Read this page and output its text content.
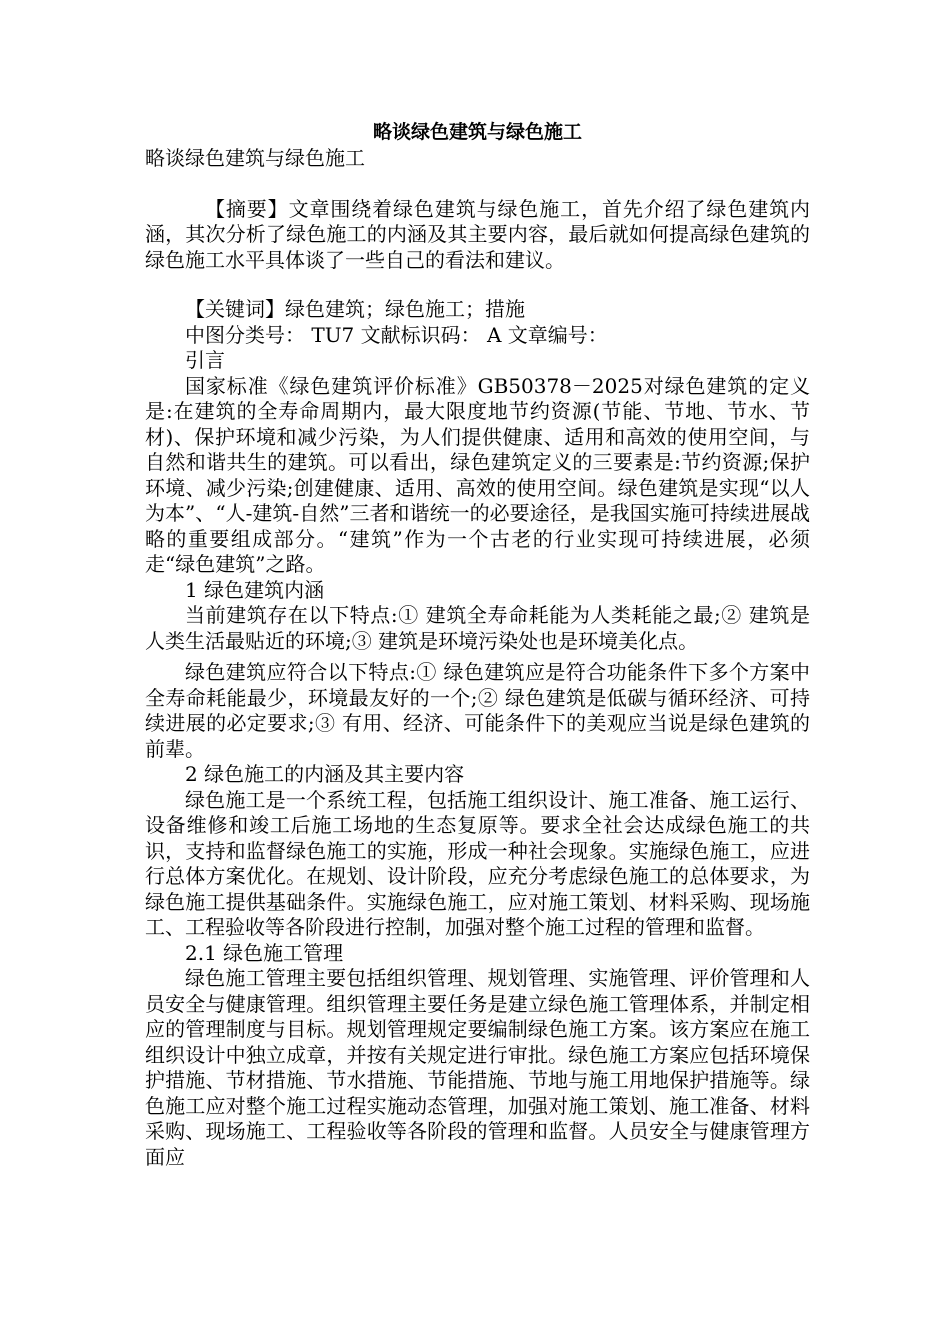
略谈绿色建筑与绿色施工

略谈绿色建筑与绿色施工

【摘要】文章围绕着绿色建筑与绿色施工，首先介绍了绿色建筑内涵，其次分析了绿色施工的内涵及其主要内容，最后就如何提高绿色建筑的绿色施工水平具体谈了一些自己的看法和建议。

【关键词】绿色建筑；绿色施工；措施

中图分类号： TU7 文献标识码： A 文章编号：

引言

国家标准《绿色建筑评价标准》GB50378－2025对绿色建筑的定义是:在建筑的全寿命周期内，最大限度地节约资源(节能、节地、节水、节材)、保护环境和减少污染，为人们提供健康、适用和高效的使用空间，与自然和谐共生的建筑。可以看出，绿色建筑定义的三要素是:节约资源;保护环境、减少污染;创建健康、适用、高效的使用空间。绿色建筑是实现“以人为本”、“人-建筑-自然”三者和谐统一的必要途径，是我国实施可持续进展战略的重要组成部分。“建筑”作为一个古老的行业实现可持续进展，必须走“绿色建筑”之路。

1 绿色建筑内涵

当前建筑存在以下特点:① 建筑全寿命耗能为人类耗能之最;② 建筑是人类生活最贴近的环境;③ 建筑是环境污染处也是环境美化点。

绿色建筑应符合以下特点:① 绿色建筑应是符合功能条件下多个方案中全寿命耗能最少，环境最友好的一个;② 绿色建筑是低碳与循环经济、可持续进展的必定要求;③ 有用、经济、可能条件下的美观应当说是绿色建筑的前辈。

2 绿色施工的内涵及其主要内容

绿色施工是一个系统工程，包括施工组织设计、施工准备、施工运行、设备维修和竣工后施工场地的生态复原等。要求全社会达成绿色施工的共识，支持和监督绿色施工的实施，形成一种社会现象。实施绿色施工，应进行总体方案优化。在规划、设计阶段，应充分考虑绿色施工的总体要求，为绿色施工提供基础条件。实施绿色施工，应对施工策划、材料采购、现场施工、工程验收等各阶段进行控制，加强对整个施工过程的管理和监督。

2.1 绿色施工管理

绿色施工管理主要包括组织管理、规划管理、实施管理、评价管理和人员安全与健康管理。组织管理主要任务是建立绿色施工管理体系，并制定相应的管理制度与目标。规划管理规定要编制绿色施工方案。该方案应在施工组织设计中独立成章，并按有关规定进行审批。绿色施工方案应包括环境保护措施、节材措施、节水措施、节能措施、节地与施工用地保护措施等。绿色施工应对整个施工过程实施动态管理，加强对施工策划、施工准备、材料采购、现场施工、工程验收等各阶段的管理和监督。人员安全与健康管理方面应
